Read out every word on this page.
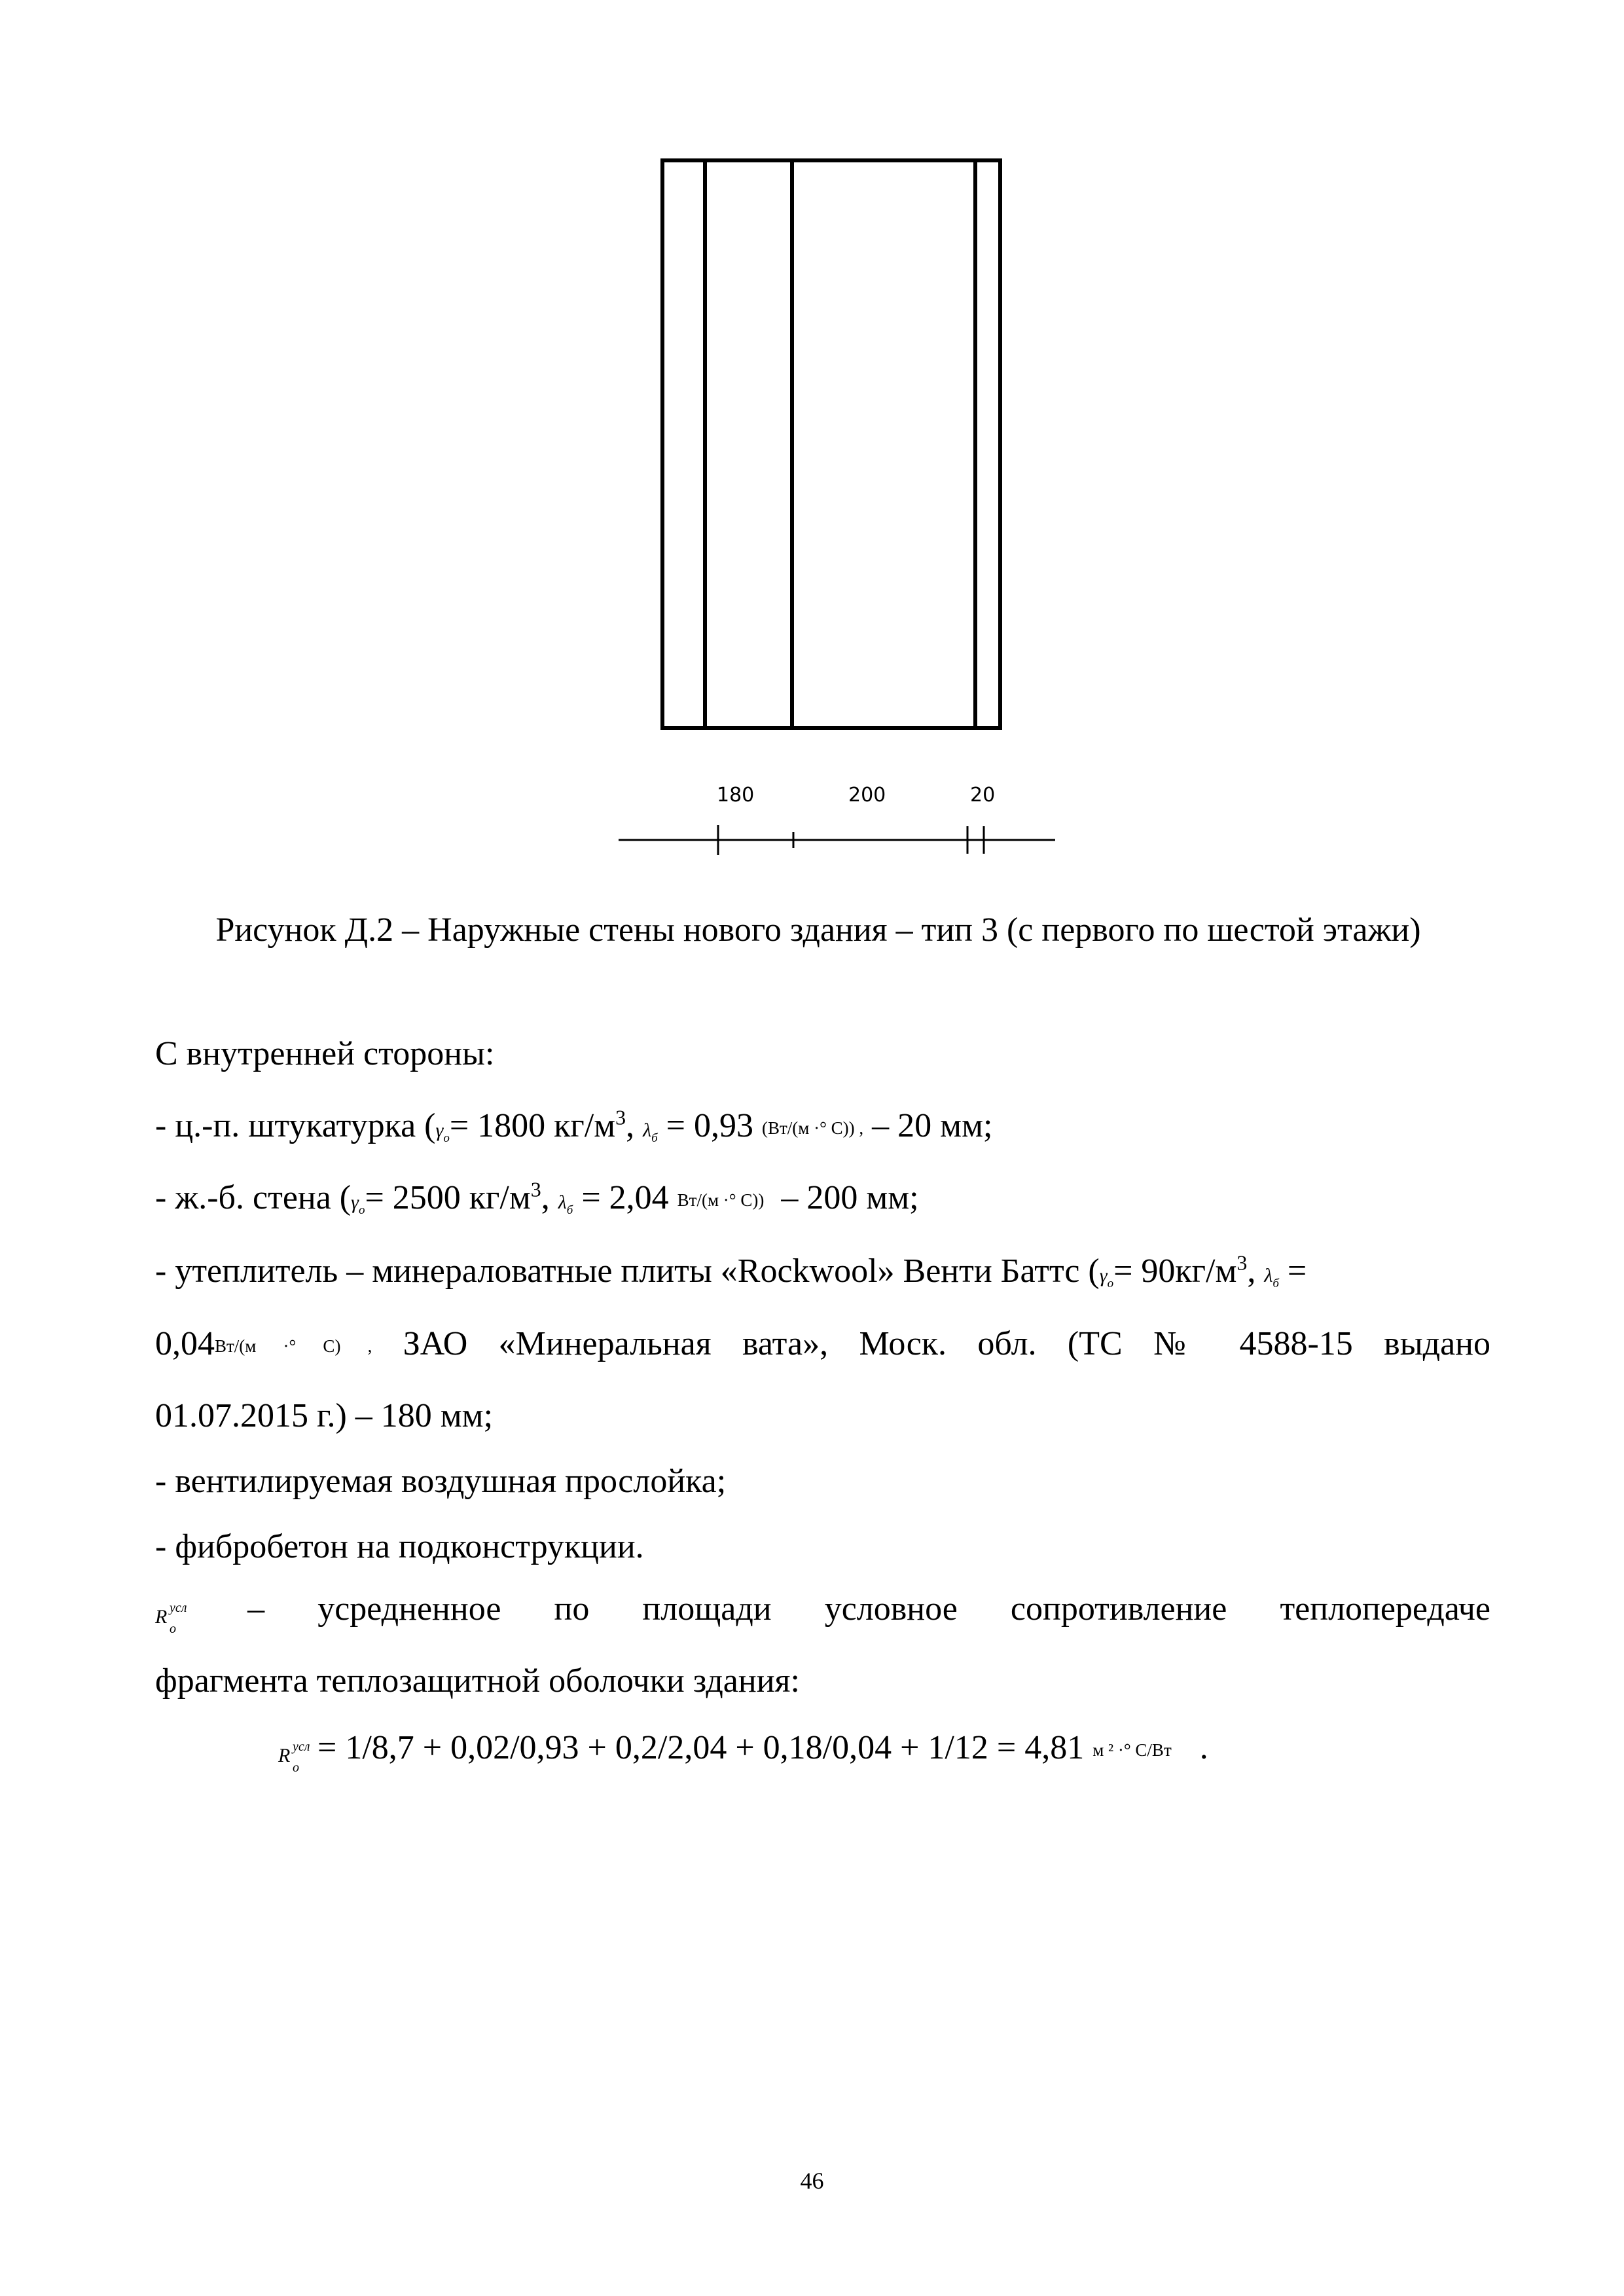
180	200	20
Рисунок Д.2 – Наружные стены нового здания – тип 3 (с первого по шестой этажи)
С внутренней стороны:
- ц.-п. штукатурка ($\gamma_о= 1800$ $кг/м^3$, $\lambda_б = 0,93$ (Вт/(м ·° С)) , – 20 мм;
- ж.-б. стена ($\gamma_о= 2500$ $кг/м^3$, $\lambda_б = 2,04$ Вт/(м ·° С)) – 200 мм;
- утеплитель – минераловатные плиты «Rockwool» Венти Баттс ($\gamma_о= 90кг/м^3$, $\lambda_б$ =
0,04Вт/(м ·° С) , ЗАО «Минеральная вата», Моск. обл. (ТС № 4588-15 выдано
01.07.2015 г.) – 180 мм;
- вентилируемая воздушная прослойка;
- фибробетон на подконструкции.
R усл
о
– усредненное по площади условное сопротивление теплопередаче
фрагмента теплозащитной оболочки здания:
R усл
о
= 1/8,7 + 0,02/0,93 + 0,2/2,04 + 0,18/0,04 + 1/12 = 4,81 м ² ·° С/Вт .
46
